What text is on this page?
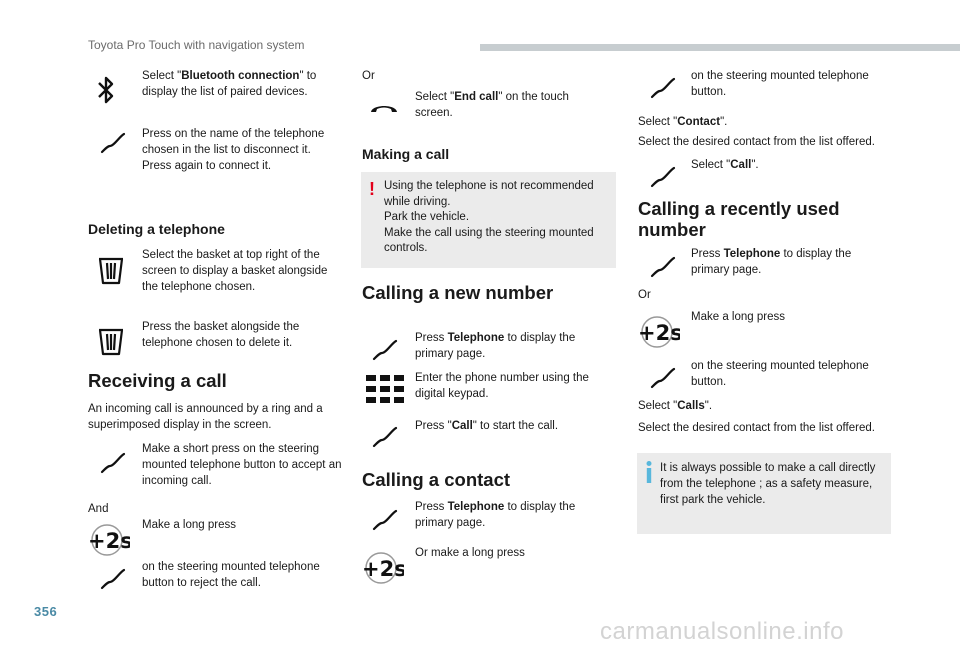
Toyota Pro Touch with navigation system
Select "Bluetooth connection" to display the list of paired devices.
Press on the name of the telephone chosen in the list to disconnect it.
Press again to connect it.
Deleting a telephone
Select the basket at top right of the screen to display a basket alongside the telephone chosen.
Press the basket alongside the telephone chosen to delete it.
Receiving a call
An incoming call is announced by a ring and a superimposed display in the screen.
Make a short press on the steering mounted telephone button to accept an incoming call.
And
Make a long press
on the steering mounted telephone button to reject the call.
Or
Select "End call" on the touch screen.
Making a call
! Using the telephone is not recommended while driving.
Park the vehicle.
Make the call using the steering mounted controls.
Calling a new number
Press Telephone to display the primary page.
Enter the phone number using the digital keypad.
Press "Call" to start the call.
Calling a contact
Press Telephone to display the primary page.
Or make a long press
on the steering mounted telephone button.
Select "Contact".
Select the desired contact from the list offered.
Select "Call".
Calling a recently used
number
Press Telephone to display the primary page.
Or
Make a long press
on the steering mounted telephone button.
Select "Calls".
Select the desired contact from the list offered.
It is always possible to make a call directly from the telephone ; as a safety measure, first park the vehicle.
356
carmanualsonline.info
